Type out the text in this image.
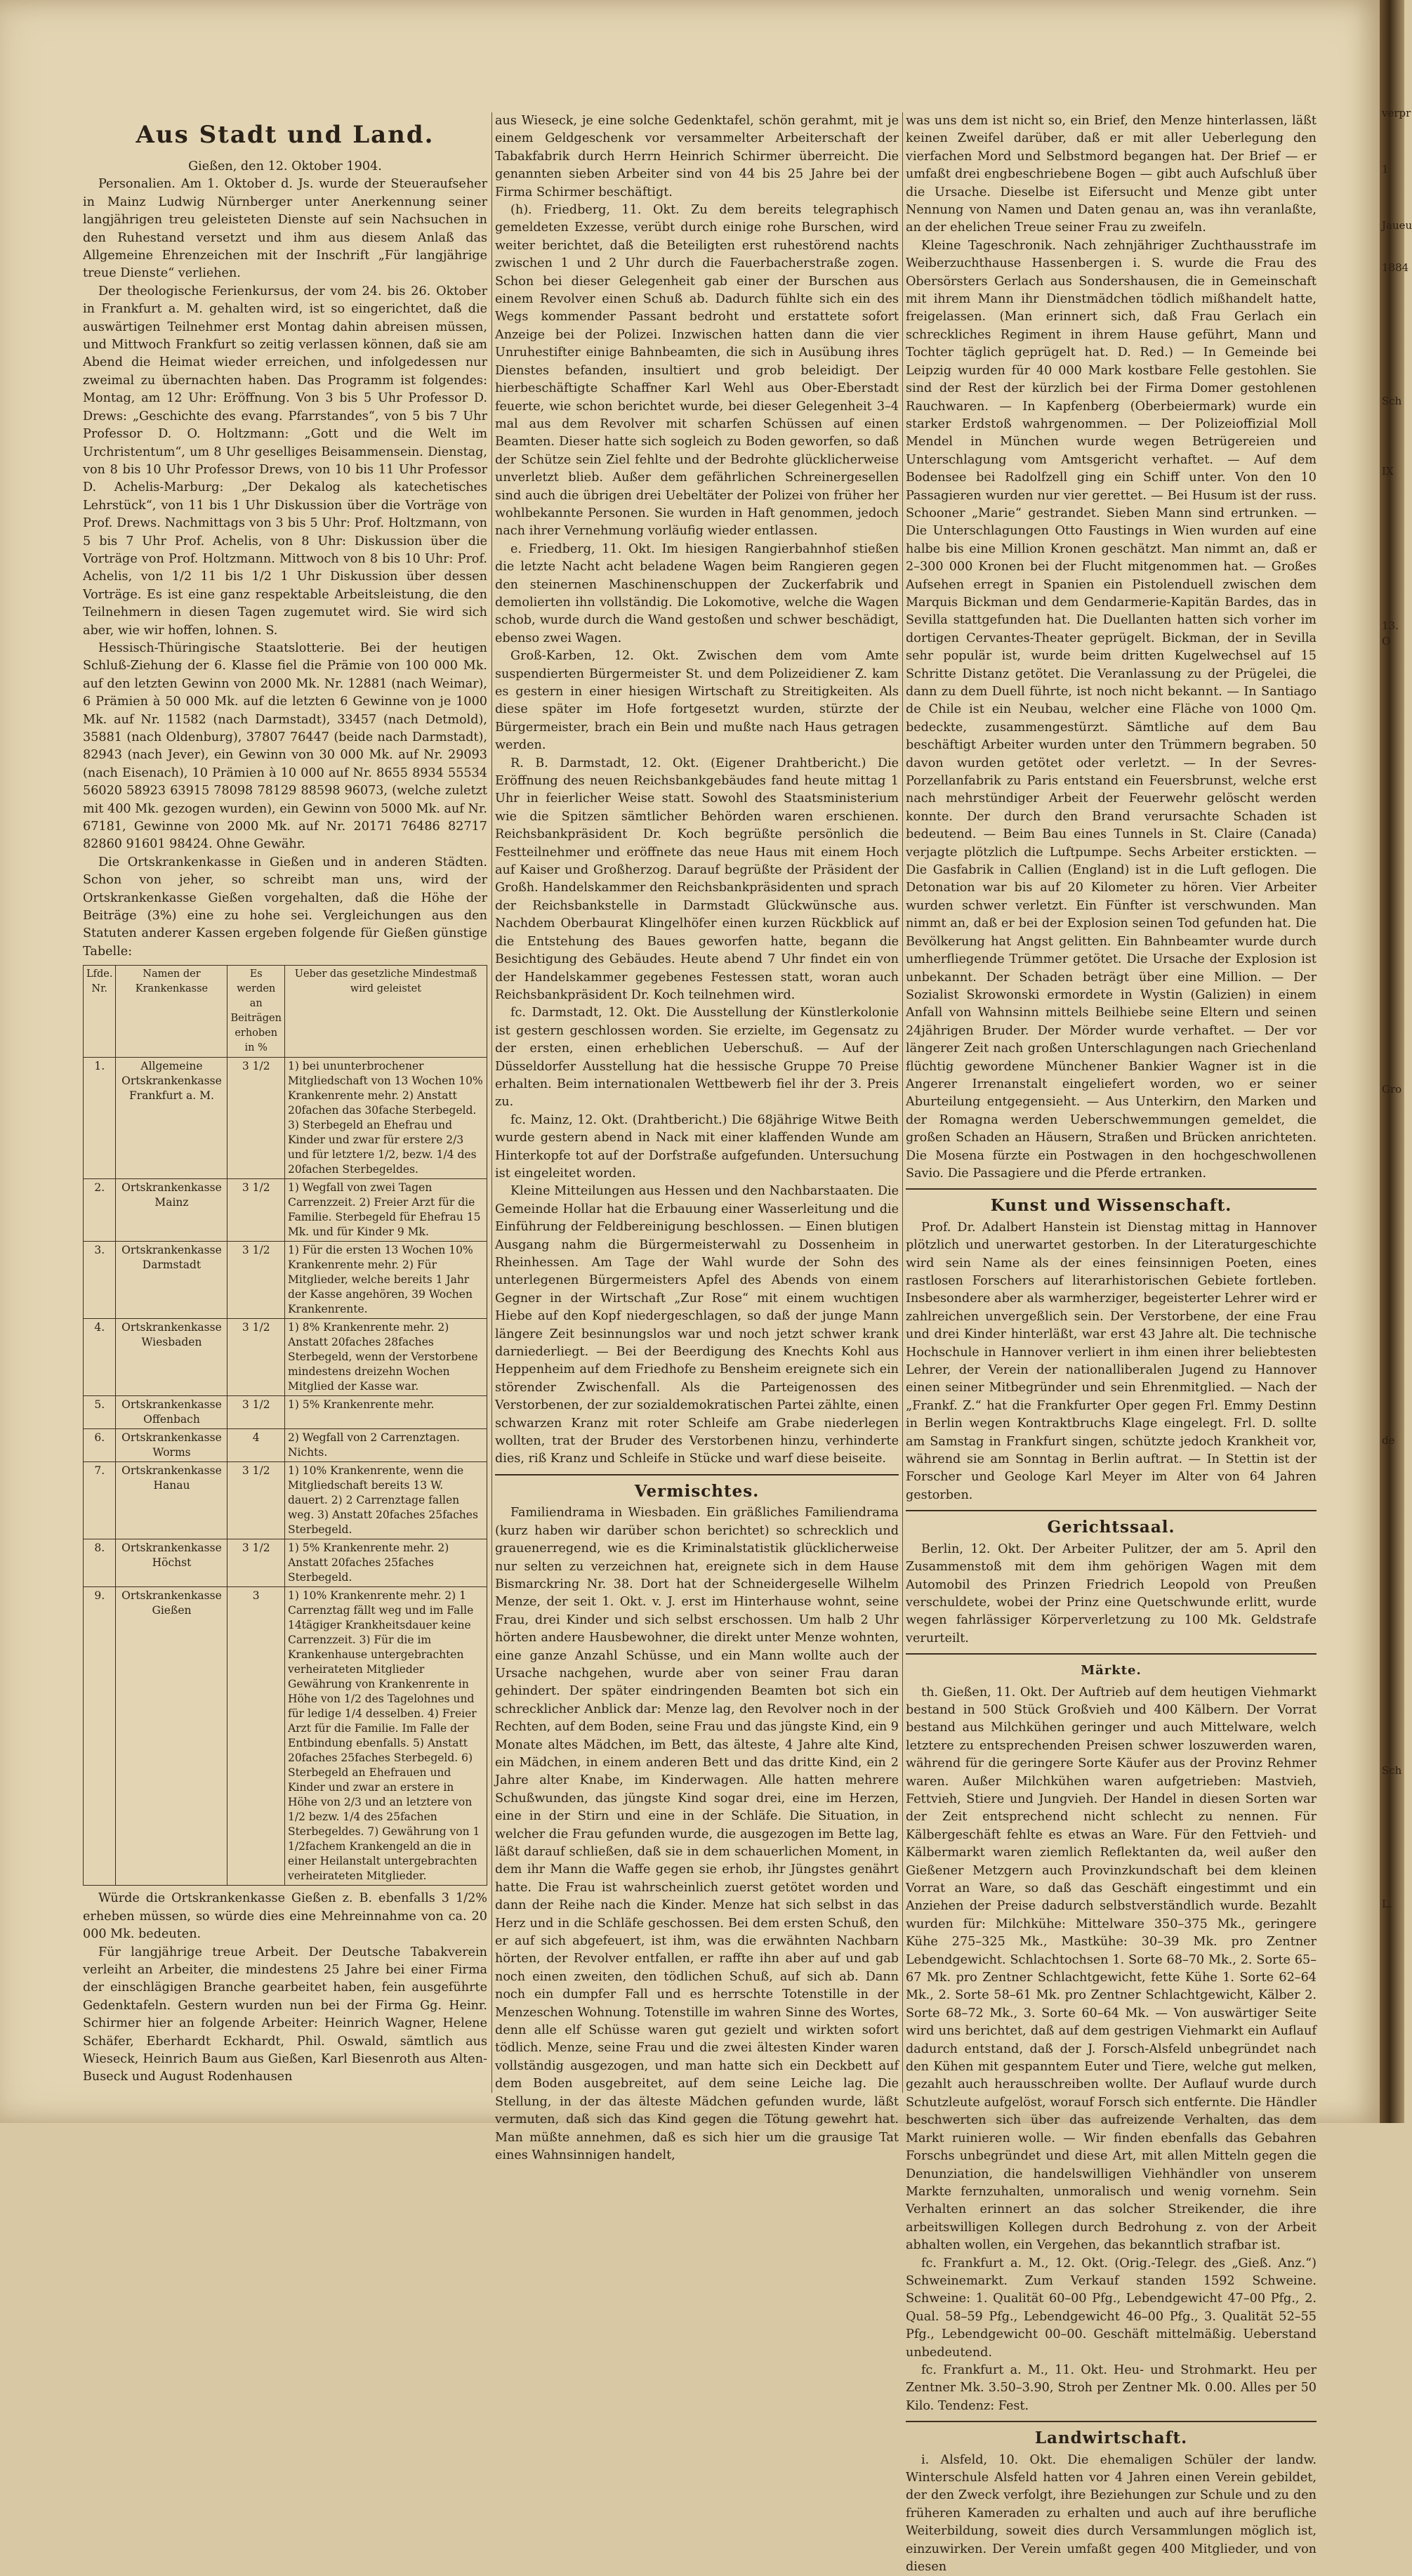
Aus Stadt und Land.

Gießen, den 12. Oktober 1904.

Personalien. Am 1. Oktober d. Js. wurde der Steueraufseher in Mainz Ludwig Nürnberger unter Anerkennung seiner langjährigen treu geleisteten Dienste auf sein Nachsuchen in den Ruhestand versetzt und ihm aus diesem Anlaß das Allgemeine Ehrenzeichen mit der Inschrift „Für langjährige treue Dienste“ verliehen.

Der theologische Ferienkursus, der vom 24. bis 26. Oktober in Frankfurt a. M. gehalten wird, ist so eingerichtet, daß die auswärtigen Teilnehmer erst Montag dahin abreisen müssen, und Mittwoch Frankfurt so zeitig verlassen können, daß sie am Abend die Heimat wieder erreichen, und infolgedessen nur zweimal zu übernachten haben. Das Programm ist folgendes: Montag, am 12 Uhr: Eröffnung. Von 3 bis 5 Uhr Professor D. Drews: „Geschichte des evang. Pfarrstandes“, von 5 bis 7 Uhr Professor D. O. Holtzmann: „Gott und die Welt im Urchristentum“, um 8 Uhr geselliges Beisammensein. Dienstag, von 8 bis 10 Uhr Professor Drews, von 10 bis 11 Uhr Professor D. Achelis-Marburg: „Der Dekalog als katechetisches Lehrstück“, von 11 bis 1 Uhr Diskussion über die Vorträge von Prof. Drews. Nachmittags von 3 bis 5 Uhr: Prof. Holtzmann, von 5 bis 7 Uhr Prof. Achelis, von 8 Uhr: Diskussion über die Vorträge von Prof. Holtzmann. Mittwoch von 8 bis 10 Uhr: Prof. Achelis, von 1/2 11 bis 1/2 1 Uhr Diskussion über dessen Vorträge. Es ist eine ganz respektable Arbeitsleistung, die den Teilnehmern in diesen Tagen zugemutet wird. Sie wird sich aber, wie wir hoffen, lohnen. S.

Hessisch-Thüringische Staatslotterie. Bei der heutigen Schluß-Ziehung der 6. Klasse fiel die Prämie von 100 000 Mk. auf den letzten Gewinn von 2000 Mk. Nr. 12881 (nach Weimar), 6 Prämien à 50 000 Mk. auf die letzten 6 Gewinne von je 1000 Mk. auf Nr. 11582 (nach Darmstadt), 33457 (nach Detmold), 35881 (nach Oldenburg), 37807 76447 (beide nach Darmstadt), 82943 (nach Jever), ein Gewinn von 30 000 Mk. auf Nr. 29093 (nach Eisenach), 10 Prämien à 10 000 auf Nr. 8655 8934 55534 56020 58923 63915 78098 78129 88598 96073, (welche zuletzt mit 400 Mk. gezogen wurden), ein Gewinn von 5000 Mk. auf Nr. 67181, Gewinne von 2000 Mk. auf Nr. 20171 76486 82717 82860 91601 98424. Ohne Gewähr.

Die Ortskrankenkasse in Gießen und in anderen Städten. Schon von jeher, so schreibt man uns, wird der Ortskrankenkasse Gießen vorgehalten, daß die Höhe der Beiträge (3%) eine zu hohe sei. Vergleichungen aus den Statuten anderer Kassen ergeben folgende für Gießen günstige Tabelle:

Lfde. Nr.	Namen der Krankenkasse	Es werden an Beiträgen erhoben in %	Ueber das gesetzliche Mindestmaß wird geleistet
1.	Allgemeine Ortskrankenkasse Frankfurt a. M.	3 1/2	1) bei ununterbrochener Mitgliedschaft von 13 Wochen 10% Krankenrente mehr. 2) Anstatt 20fachen das 30fache Sterbegeld. 3) Sterbegeld an Ehefrau und Kinder und zwar für erstere 2/3 und für letztere 1/2, bezw. 1/4 des 20fachen Sterbegeldes.
2.	Ortskrankenkasse Mainz	3 1/2	1) Wegfall von zwei Tagen Carrenzzeit. 2) Freier Arzt für die Familie. Sterbegeld für Ehefrau 15 Mk. und für Kinder 9 Mk.
3.	Ortskrankenkasse Darmstadt	3 1/2	1) Für die ersten 13 Wochen 10% Krankenrente mehr. 2) Für Mitglieder, welche bereits 1 Jahr der Kasse angehören, 39 Wochen Krankenrente.
4.	Ortskrankenkasse Wiesbaden	3 1/2	1) 8% Krankenrente mehr. 2) Anstatt 20faches 28faches Sterbegeld, wenn der Verstorbene mindestens dreizehn Wochen Mitglied der Kasse war.
5.	Ortskrankenkasse Offenbach	3 1/2	1) 5% Krankenrente mehr.
6.	Ortskrankenkasse Worms	4	2) Wegfall von 2 Carrenztagen. Nichts.
7.	Ortskrankenkasse Hanau	3 1/2	1) 10% Krankenrente, wenn die Mitgliedschaft bereits 13 W. dauert. 2) 2 Carrenztage fallen weg. 3) Anstatt 20faches 25faches Sterbegeld.
8.	Ortskrankenkasse Höchst	3 1/2	1) 5% Krankenrente mehr. 2) Anstatt 20faches 25faches Sterbegeld.
9.	Ortskrankenkasse Gießen	3	1) 10% Krankenrente mehr. 2) 1 Carrenztag fällt weg und im Falle 14tägiger Krankheitsdauer keine Carrenzzeit. 3) Für die im Krankenhause untergebrachten verheirateten Mitglieder Gewährung von Krankenrente in Höhe von 1/2 des Tagelohnes und für ledige 1/4 desselben. 4) Freier Arzt für die Familie. Im Falle der Entbindung ebenfalls. 5) Anstatt 20faches 25faches Sterbegeld. 6) Sterbegeld an Ehefrauen und Kinder und zwar an erstere in Höhe von 2/3 und an letztere von 1/2 bezw. 1/4 des 25fachen Sterbegeldes. 7) Gewährung von 1 1/2fachem Krankengeld an die in einer Heilanstalt untergebrachten verheirateten Mitglieder.

Würde die Ortskrankenkasse Gießen z. B. ebenfalls 3 1/2% erheben müssen, so würde dies eine Mehreinnahme von ca. 20 000 Mk. bedeuten.

Für langjährige treue Arbeit. Der Deutsche Tabakverein verleiht an Arbeiter, die mindestens 25 Jahre bei einer Firma der einschlägigen Branche gearbeitet haben, fein ausgeführte Gedenktafeln. Gestern wurden nun bei der Firma Gg. Heinr. Schirmer hier an folgende Arbeiter: Heinrich Wagner, Helene Schäfer, Eberhardt Eckhardt, Phil. Oswald, sämtlich aus Wieseck, Heinrich Baum aus Gießen, Karl Biesenroth aus Alten-Buseck und August Rodenhausen

aus Wieseck, je eine solche Gedenktafel, schön gerahmt, mit je einem Geldgeschenk vor versammelter Arbeiterschaft der Tabakfabrik durch Herrn Heinrich Schirmer überreicht. Die genannten sieben Arbeiter sind von 44 bis 25 Jahre bei der Firma Schirmer beschäftigt.

(h). Friedberg, 11. Okt. Zu dem bereits telegraphisch gemeldeten Exzesse, verübt durch einige rohe Burschen, wird weiter berichtet, daß die Beteiligten erst ruhestörend nachts zwischen 1 und 2 Uhr durch die Fauerbacherstraße zogen. Schon bei dieser Gelegenheit gab einer der Burschen aus einem Revolver einen Schuß ab. Dadurch fühlte sich ein des Wegs kommender Passant bedroht und erstattete sofort Anzeige bei der Polizei. Inzwischen hatten dann die vier Unruhestifter einige Bahnbeamten, die sich in Ausübung ihres Dienstes befanden, insultiert und grob beleidigt. Der hierbeschäftigte Schaffner Karl Wehl aus Ober-Eberstadt feuerte, wie schon berichtet wurde, bei dieser Gelegenheit 3–4 mal aus dem Revolver mit scharfen Schüssen auf einen Beamten. Dieser hatte sich sogleich zu Boden geworfen, so daß der Schütze sein Ziel fehlte und der Bedrohte glücklicherweise unverletzt blieb. Außer dem gefährlichen Schreinergesellen sind auch die übrigen drei Uebeltäter der Polizei von früher her wohlbekannte Personen. Sie wurden in Haft genommen, jedoch nach ihrer Vernehmung vorläufig wieder entlassen.

e. Friedberg, 11. Okt. Im hiesigen Rangierbahnhof stießen die letzte Nacht acht beladene Wagen beim Rangieren gegen den steinernen Maschinenschuppen der Zuckerfabrik und demolierten ihn vollständig. Die Lokomotive, welche die Wagen schob, wurde durch die Wand gestoßen und schwer beschädigt, ebenso zwei Wagen.

Groß-Karben, 12. Okt. Zwischen dem vom Amte suspendierten Bürgermeister St. und dem Polizeidiener Z. kam es gestern in einer hiesigen Wirtschaft zu Streitigkeiten. Als diese später im Hofe fortgesetzt wurden, stürzte der Bürgermeister, brach ein Bein und mußte nach Haus getragen werden.

R. B. Darmstadt, 12. Okt. (Eigener Drahtbericht.) Die Eröffnung des neuen Reichsbankgebäudes fand heute mittag 1 Uhr in feierlicher Weise statt. Sowohl des Staatsministerium wie die Spitzen sämtlicher Behörden waren erschienen. Reichsbankpräsident Dr. Koch begrüßte persönlich die Festteilnehmer und eröffnete das neue Haus mit einem Hoch auf Kaiser und Großherzog. Darauf begrüßte der Präsident der Großh. Handelskammer den Reichsbankpräsidenten und sprach der Reichsbankstelle in Darmstadt Glückwünsche aus. Nachdem Oberbaurat Klingelhöfer einen kurzen Rückblick auf die Entstehung des Baues geworfen hatte, begann die Besichtigung des Gebäudes. Heute abend 7 Uhr findet ein von der Handelskammer gegebenes Festessen statt, woran auch Reichsbankpräsident Dr. Koch teilnehmen wird.

fc. Darmstadt, 12. Okt. Die Ausstellung der Künstlerkolonie ist gestern geschlossen worden. Sie erzielte, im Gegensatz zu der ersten, einen erheblichen Ueberschuß. — Auf der Düsseldorfer Ausstellung hat die hessische Gruppe 70 Preise erhalten. Beim internationalen Wettbewerb fiel ihr der 3. Preis zu.

fc. Mainz, 12. Okt. (Drahtbericht.) Die 68jährige Witwe Beith wurde gestern abend in Nack mit einer klaffenden Wunde am Hinterkopfe tot auf der Dorfstraße aufgefunden. Untersuchung ist eingeleitet worden.

Kleine Mitteilungen aus Hessen und den Nachbarstaaten. Die Gemeinde Hollar hat die Erbauung einer Wasserleitung und die Einführung der Feldbereinigung beschlossen. — Einen blutigen Ausgang nahm die Bürgermeisterwahl zu Dossenheim in Rheinhessen. Am Tage der Wahl wurde der Sohn des unterlegenen Bürgermeisters Apfel des Abends von einem Gegner in der Wirtschaft „Zur Rose“ mit einem wuchtigen Hiebe auf den Kopf niedergeschlagen, so daß der junge Mann längere Zeit besinnungslos war und noch jetzt schwer krank darniederliegt. — Bei der Beerdigung des Knechts Kohl aus Heppenheim auf dem Friedhofe zu Bensheim ereignete sich ein störender Zwischenfall. Als die Parteigenossen des Verstorbenen, der zur sozialdemokratischen Partei zählte, einen schwarzen Kranz mit roter Schleife am Grabe niederlegen wollten, trat der Bruder des Verstorbenen hinzu, verhinderte dies, riß Kranz und Schleife in Stücke und warf diese beiseite.

Vermischtes.

Familiendrama in Wiesbaden. Ein gräßliches Familiendrama (kurz haben wir darüber schon berichtet) so schrecklich und grauenerregend, wie es die Kriminalstatistik glücklicherweise nur selten zu verzeichnen hat, ereignete sich in dem Hause Bismarckring Nr. 38. Dort hat der Schneidergeselle Wilhelm Menze, der seit 1. Okt. v. J. erst im Hinterhause wohnt, seine Frau, drei Kinder und sich selbst erschossen. Um halb 2 Uhr hörten andere Hausbewohner, die direkt unter Menze wohnten, eine ganze Anzahl Schüsse, und ein Mann wollte auch der Ursache nachgehen, wurde aber von seiner Frau daran gehindert. Der später eindringenden Beamten bot sich ein schrecklicher Anblick dar: Menze lag, den Revolver noch in der Rechten, auf dem Boden, seine Frau und das jüngste Kind, ein 9 Monate altes Mädchen, im Bett, das älteste, 4 Jahre alte Kind, ein Mädchen, in einem anderen Bett und das dritte Kind, ein 2 Jahre alter Knabe, im Kinderwagen. Alle hatten mehrere Schußwunden, das jüngste Kind sogar drei, eine im Herzen, eine in der Stirn und eine in der Schläfe. Die Situation, in welcher die Frau gefunden wurde, die ausgezogen im Bette lag, läßt darauf schließen, daß sie in dem schauerlichen Moment, in dem ihr Mann die Waffe gegen sie erhob, ihr Jüngstes genährt hatte. Die Frau ist wahrscheinlich zuerst getötet worden und dann der Reihe nach die Kinder. Menze hat sich selbst in das Herz und in die Schläfe geschossen. Bei dem ersten Schuß, den er auf sich abgefeuert, ist ihm, was die erwähnten Nachbarn hörten, der Revolver entfallen, er raffte ihn aber auf und gab noch einen zweiten, den tödlichen Schuß, auf sich ab. Dann noch ein dumpfer Fall und es herrschte Totenstille in der Menzeschen Wohnung. Totenstille im wahren Sinne des Wortes, denn alle elf Schüsse waren gut gezielt und wirkten sofort tödlich. Menze, seine Frau und die zwei ältesten Kinder waren vollständig ausgezogen, und man hatte sich ein Deckbett auf dem Boden ausgebreitet, auf dem seine Leiche lag. Die Stellung, in der das älteste Mädchen gefunden wurde, läßt vermuten, daß sich das Kind gegen die Tötung gewehrt hat. Man müßte annehmen, daß es sich hier um die grausige Tat eines Wahnsinnigen handelt,

was uns dem ist nicht so, ein Brief, den Menze hinterlassen, läßt keinen Zweifel darüber, daß er mit aller Ueberlegung den vierfachen Mord und Selbstmord begangen hat. Der Brief — er umfaßt drei engbeschriebene Bogen — gibt auch Aufschluß über die Ursache. Dieselbe ist Eifersucht und Menze gibt unter Nennung von Namen und Daten genau an, was ihn veranlaßte, an der ehelichen Treue seiner Frau zu zweifeln.

Kleine Tageschronik. Nach zehnjähriger Zuchthausstrafe im Weiberzuchthause Hassenbergen i. S. wurde die Frau des Obersörsters Gerlach aus Sondershausen, die in Gemeinschaft mit ihrem Mann ihr Dienstmädchen tödlich mißhandelt hatte, freigelassen. (Man erinnert sich, daß Frau Gerlach ein schreckliches Regiment in ihrem Hause geführt, Mann und Tochter täglich geprügelt hat. D. Red.) — In Gemeinde bei Leipzig wurden für 40 000 Mark kostbare Felle gestohlen. Sie sind der Rest der kürzlich bei der Firma Domer gestohlenen Rauchwaren. — In Kapfenberg (Oberbeiermark) wurde ein starker Erdstoß wahrgenommen. — Der Polizeioffizial Moll Mendel in München wurde wegen Betrügereien und Unterschlagung vom Amtsgericht verhaftet. — Auf dem Bodensee bei Radolfzell ging ein Schiff unter. Von den 10 Passagieren wurden nur vier gerettet. — Bei Husum ist der russ. Schooner „Marie“ gestrandet. Sieben Mann sind ertrunken. — Die Unterschlagungen Otto Faustings in Wien wurden auf eine halbe bis eine Million Kronen geschätzt. Man nimmt an, daß er 2–300 000 Kronen bei der Flucht mitgenommen hat. — Großes Aufsehen erregt in Spanien ein Pistolenduell zwischen dem Marquis Bickman und dem Gendarmerie-Kapitän Bardes, das in Sevilla stattgefunden hat. Die Duellanten hatten sich vorher im dortigen Cervantes-Theater geprügelt. Bickman, der in Sevilla sehr populär ist, wurde beim dritten Kugelwechsel auf 15 Schritte Distanz getötet. Die Veranlassung zu der Prügelei, die dann zu dem Duell führte, ist noch nicht bekannt. — In Santiago de Chile ist ein Neubau, welcher eine Fläche von 1000 Qm. bedeckte, zusammengestürzt. Sämtliche auf dem Bau beschäftigt Arbeiter wurden unter den Trümmern begraben. 50 davon wurden getötet oder verletzt. — In der Sevres-Porzellanfabrik zu Paris entstand ein Feuersbrunst, welche erst nach mehrstündiger Arbeit der Feuerwehr gelöscht werden konnte. Der durch den Brand verursachte Schaden ist bedeutend. — Beim Bau eines Tunnels in St. Claire (Canada) verjagte plötzlich die Luftpumpe. Sechs Arbeiter erstickten. — Die Gasfabrik in Callien (England) ist in die Luft geflogen. Die Detonation war bis auf 20 Kilometer zu hören. Vier Arbeiter wurden schwer verletzt. Ein Fünfter ist verschwunden. Man nimmt an, daß er bei der Explosion seinen Tod gefunden hat. Die Bevölkerung hat Angst gelitten. Ein Bahnbeamter wurde durch umherfliegende Trümmer getötet. Die Ursache der Explosion ist unbekannt. Der Schaden beträgt über eine Million. — Der Sozialist Skrowonski ermordete in Wystin (Galizien) in einem Anfall von Wahnsinn mittels Beilhiebe seine Eltern und seinen 24jährigen Bruder. Der Mörder wurde verhaftet. — Der vor längerer Zeit nach großen Unterschlagungen nach Griechenland flüchtig gewordene Münchener Bankier Wagner ist in die Angerer Irrenanstalt eingeliefert worden, wo er seiner Aburteilung entgegensieht. — Aus Unterkirn, den Marken und der Romagna werden Ueberschwemmungen gemeldet, die großen Schaden an Häusern, Straßen und Brücken anrichteten. Die Mosena fürzte ein Postwagen in den hochgeschwollenen Savio. Die Passagiere und die Pferde ertranken.

Kunst und Wissenschaft.

Prof. Dr. Adalbert Hanstein ist Dienstag mittag in Hannover plötzlich und unerwartet gestorben. In der Literaturgeschichte wird sein Name als der eines feinsinnigen Poeten, eines rastlosen Forschers auf literarhistorischen Gebiete fortleben. Insbesondere aber als warmherziger, begeisterter Lehrer wird er zahlreichen unvergeßlich sein. Der Verstorbene, der eine Frau und drei Kinder hinterläßt, war erst 43 Jahre alt. Die technische Hochschule in Hannover verliert in ihm einen ihrer beliebtesten Lehrer, der Verein der nationalliberalen Jugend zu Hannover einen seiner Mitbegründer und sein Ehrenmitglied. — Nach der „Frankf. Z.“ hat die Frankfurter Oper gegen Frl. Emmy Destinn in Berlin wegen Kontraktbruchs Klage eingelegt. Frl. D. sollte am Samstag in Frankfurt singen, schützte jedoch Krankheit vor, während sie am Sonntag in Berlin auftrat. — In Stettin ist der Forscher und Geologe Karl Meyer im Alter von 64 Jahren gestorben.

Gerichtssaal.

Berlin, 12. Okt. Der Arbeiter Pulitzer, der am 5. April den Zusammenstoß mit dem ihm gehörigen Wagen mit dem Automobil des Prinzen Friedrich Leopold von Preußen verschuldete, wobei der Prinz eine Quetschwunde erlitt, wurde wegen fahrlässiger Körperverletzung zu 100 Mk. Geldstrafe verurteilt.

Märkte.

th. Gießen, 11. Okt. Der Auftrieb auf dem heutigen Viehmarkt bestand in 500 Stück Großvieh und 400 Kälbern. Der Vorrat bestand aus Milchkühen geringer und auch Mittelware, welch letztere zu entsprechenden Preisen schwer loszuwerden waren, während für die geringere Sorte Käufer aus der Provinz Rehmer waren. Außer Milchkühen waren aufgetrieben: Mastvieh, Fettvieh, Stiere und Jungvieh. Der Handel in diesen Sorten war der Zeit entsprechend nicht schlecht zu nennen. Für Kälbergeschäft fehlte es etwas an Ware. Für den Fettvieh- und Kälbermarkt waren ziemlich Reflektanten da, weil außer den Gießener Metzgern auch Provinzkundschaft bei dem kleinen Vorrat an Ware, so daß das Geschäft eingestimmt und ein Anziehen der Preise dadurch selbstverständlich wurde. Bezahlt wurden für: Milchkühe: Mittelware 350–375 Mk., geringere Kühe 275–325 Mk., Mastkühe: 30–39 Mk. pro Zentner Lebendgewicht. Schlachtochsen 1. Sorte 68–70 Mk., 2. Sorte 65–67 Mk. pro Zentner Schlachtgewicht, fette Kühe 1. Sorte 62–64 Mk., 2. Sorte 58–61 Mk. pro Zentner Schlachtgewicht, Kälber 2. Sorte 68–72 Mk., 3. Sorte 60–64 Mk. — Von auswärtiger Seite wird uns berichtet, daß auf dem gestrigen Viehmarkt ein Auflauf dadurch entstand, daß der J. Forsch-Alsfeld unbegründet nach den Kühen mit gespanntem Euter und Tiere, welche gut melken, gezahlt auch herausschreiben wollte. Der Auflauf wurde durch Schutzleute aufgelöst, worauf Forsch sich entfernte. Die Händler beschwerten sich über das aufreizende Verhalten, das dem Markt ruinieren wolle. — Wir finden ebenfalls das Gebahren Forschs unbegründet und diese Art, mit allen Mitteln gegen die Denunziation, die handelswilligen Viehhändler von unserem Markte fernzuhalten, unmoralisch und wenig vornehm. Sein Verhalten erinnert an das solcher Streikender, die ihre arbeitswilligen Kollegen durch Bedrohung z. von der Arbeit abhalten wollen, ein Vergehen, das bekanntlich strafbar ist.

fc. Frankfurt a. M., 12. Okt. (Orig.-Telegr. des „Gieß. Anz.“) Schweinemarkt. Zum Verkauf standen 1592 Schweine. Schweine: 1. Qualität 60–00 Pfg., Lebendgewicht 47–00 Pfg., 2. Qual. 58–59 Pfg., Lebendgewicht 46–00 Pfg., 3. Qualität 52–55 Pfg., Lebendgewicht 00–00. Geschäft mittelmäßig. Ueberstand unbedeutend.

fc. Frankfurt a. M., 11. Okt. Heu- und Strohmarkt. Heu per Zentner Mk. 3.50–3.90, Stroh per Zentner Mk. 0.00. Alles per 50 Kilo. Tendenz: Fest.

Landwirtschaft.

i. Alsfeld, 10. Okt. Die ehemaligen Schüler der landw. Winterschule Alsfeld hatten vor 4 Jahren einen Verein gebildet, der den Zweck verfolgt, ihre Beziehungen zur Schule und zu den früheren Kameraden zu erhalten und auch auf ihre berufliche Weiterbildung, soweit dies durch Versammlungen möglich ist, einzuwirken. Der Verein umfaßt gegen 400 Mitglieder, und von diesen

verpr
1
Jaueu
1884
Sch
IX
13. O
Gro
de
Sch
L.
